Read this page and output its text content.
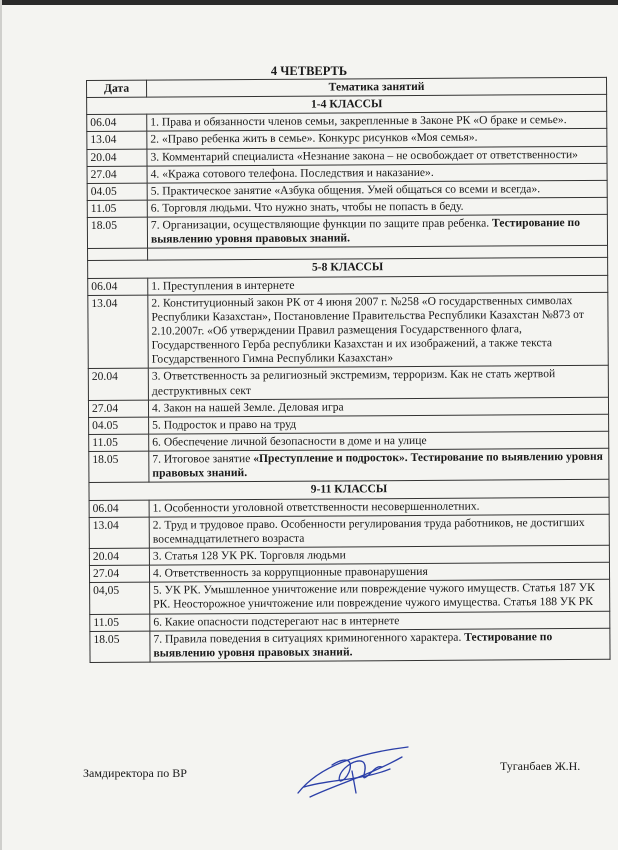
4 ЧЕТВЕРТЬ
Дата	Тематика занятий
1-4 КЛАССЫ	
06.04	1. Права и обязанности членов семьи, закрепленные в Законе РК «О браке и семье».
13.04	2. «Право ребенка жить в семье». Конкурс рисунков «Моя семья».
20.04	3. Комментарий специалиста «Незнание закона – не освобождает от ответственности»
27.04	4. «Кража сотового телефона. Последствия и наказание».
04.05	5. Практическое занятие «Азбука общения. Умей общаться со всеми и всегда».
11.05	6. Торговля людьми. Что нужно знать, чтобы не попасть в беду.
18.05	7. Организации, осуществляющие функции по защите прав ребенка. Тестирование по выявлению уровня правовых знаний.

5-8 КЛАССЫ	
06.04	1. Преступления в интернете
13.04	2. Конституционный закон РК от 4 июня 2007 г. №258 «О государственных символах Республики Казахстан», Постановление Правительства Республики Казахстан №873 от 2.10.2007г. «Об утверждении Правил размещения Государственного флага, Государственного Герба республики Казахстан и их изображений, а также текста Государственного Гимна Республики Казахстан»
20.04	3. Ответственность за религиозный экстремизм, терроризм. Как не стать жертвой деструктивных сект
27.04	4. Закон на нашей Земле. Деловая игра
04.05	5. Подросток и право на труд
11.05	6. Обеспечение личной безопасности в доме и на улице
18.05	7. Итоговое занятие «Преступление и подросток». Тестирование по выявлению уровня правовых знаний.
9-11 КЛАССЫ	
06.04	1. Особенности уголовной ответственности несовершеннолетних.
13.04	2. Труд и трудовое право. Особенности регулирования труда работников, не достигших восемнадцатилетнего возраста
20.04	3. Статья 128 УК РК. Торговля людьми
27.04	4. Ответственность за коррупционные правонарушения
04,05	5. УК РК. Умышленное уничтожение или повреждение чужого имуществ. Статья 187 УК РК. Неосторожное уничтожение или повреждение чужого имущества. Статья 188 УК РК
11.05	6. Какие опасности подстерегают нас в интернете
18.05	7. Правила поведения в ситуациях криминогенного характера. Тестирование по выявлению уровня правовых знаний.
Замдиректора по ВР	Туганбаев Ж.Н.
